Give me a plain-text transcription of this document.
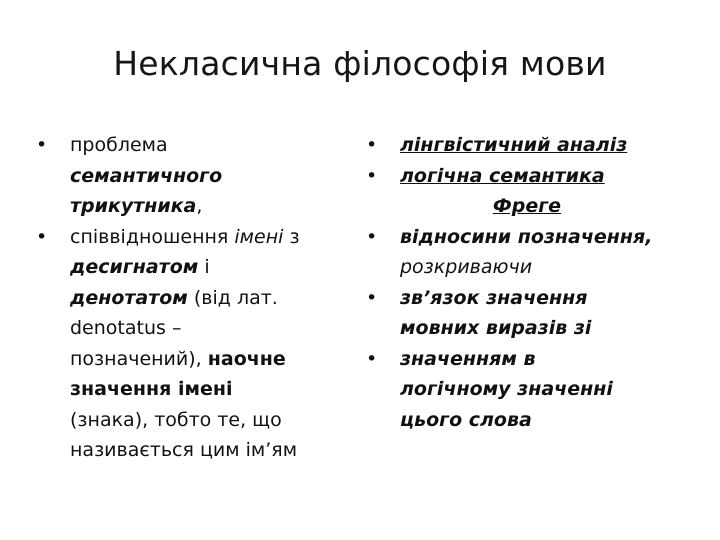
Некласична філософія мови
• проблема
семантичного
трикутника,
• співвідношення імені з
десигнатом і
денотатом (від лат.
denotatus –
позначений), наочне
значення імені
(знака), тобто те, що
називається цим ім’ям
• лінгвістичний аналіз
• логічна семантика
Фреге
• відносини позначення,
розкриваючи
• зв’язок значення
мовних виразів зі
• значенням в
логічному значенні
цього слова
